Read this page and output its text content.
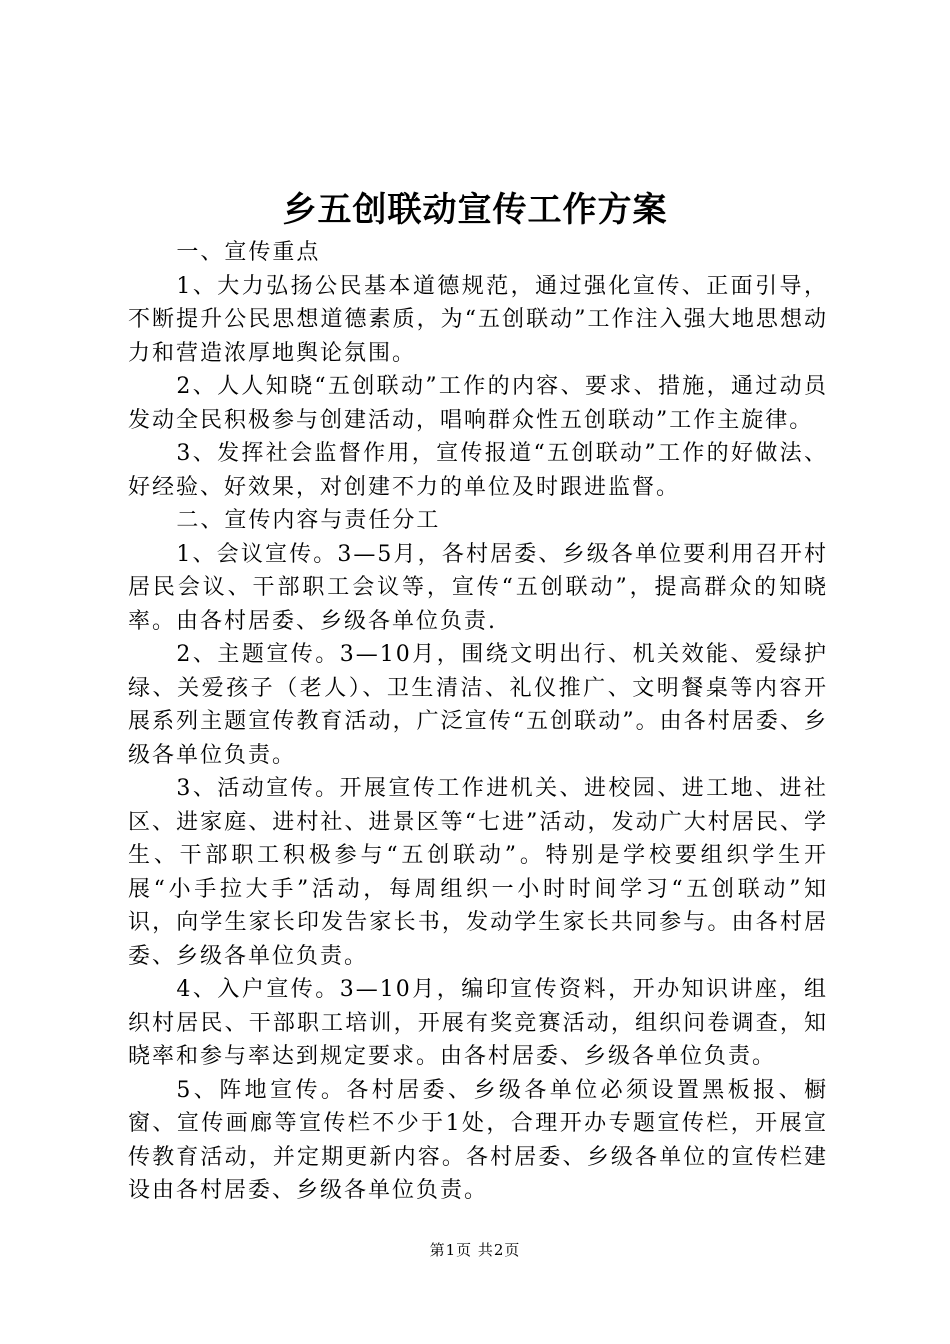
乡五创联动宣传工作方案

一、宣传重点

1、大力弘扬公民基本道德规范，通过强化宣传、正面引导，不断提升公民思想道德素质，为“五创联动”工作注入强大地思想动力和营造浓厚地舆论氛围。

2、人人知晓“五创联动”工作的内容、要求、措施，通过动员发动全民积极参与创建活动，唱响群众性五创联动”工作主旋律。

3、发挥社会监督作用，宣传报道“五创联动”工作的好做法、好经验、好效果，对创建不力的单位及时跟进监督。

二、宣传内容与责任分工

1、会议宣传。3—5月，各村居委、乡级各单位要利用召开村居民会议、干部职工会议等，宣传“五创联动”，提高群众的知晓率。由各村居委、乡级各单位负责.

2、主题宣传。3—10月，围绕文明出行、机关效能、爱绿护绿、关爱孩子（老人）、卫生清洁、礼仪推广、文明餐桌等内容开展系列主题宣传教育活动，广泛宣传“五创联动”。由各村居委、乡级各单位负责。

3、活动宣传。开展宣传工作进机关、进校园、进工地、进社区、进家庭、进村社、进景区等“七进”活动，发动广大村居民、学生、干部职工积极参与“五创联动”。特别是学校要组织学生开展“小手拉大手”活动，每周组织一小时时间学习“五创联动”知识，向学生家长印发告家长书，发动学生家长共同参与。由各村居委、乡级各单位负责。

4、入户宣传。3—10月，编印宣传资料，开办知识讲座，组织村居民、干部职工培训，开展有奖竞赛活动，组织问卷调查，知晓率和参与率达到规定要求。由各村居委、乡级各单位负责。

5、阵地宣传。各村居委、乡级各单位必须设置黑板报、橱窗、宣传画廊等宣传栏不少于1处，合理开办专题宣传栏，开展宣传教育活动，并定期更新内容。各村居委、乡级各单位的宣传栏建设由各村居委、乡级各单位负责。

第1页 共2页
